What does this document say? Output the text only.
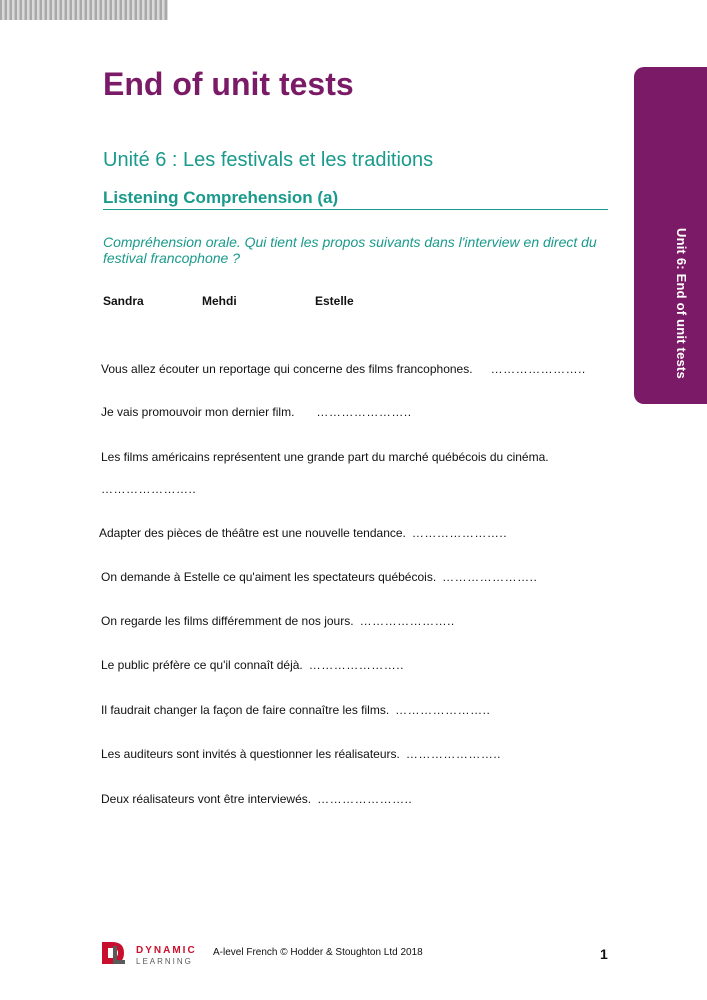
Unit 6: End of unit tests
End of unit tests
Unité 6 : Les festivals et les traditions
Listening Comprehension (a)

Compréhension orale. Qui tient les propos suivants dans l'interview en direct du festival francophone ?

Sandra	Mehdi	Estelle
Vous allez écouter un reportage qui concerne des films francophones. …………………..
Je vais promouvoir mon dernier film. …………………..
Les films américains représentent une grande part du marché québécois du cinéma.
…………………..
Adapter des pièces de théâtre est une nouvelle tendance. …………………..
On demande à Estelle ce qu'aiment les spectateurs québécois. …………………..
On regarde les films différemment de nos jours. …………………..
Le public préfère ce qu'il connaît déjà. …………………..
Il faudrait changer la façon de faire connaître les films. …………………..
Les auditeurs sont invités à questionner les réalisateurs. …………………..
Deux réalisateurs vont être interviewés. …………………..
DYNAMIC
LEARNING
A-level French © Hodder & Stoughton Ltd 2018	1
